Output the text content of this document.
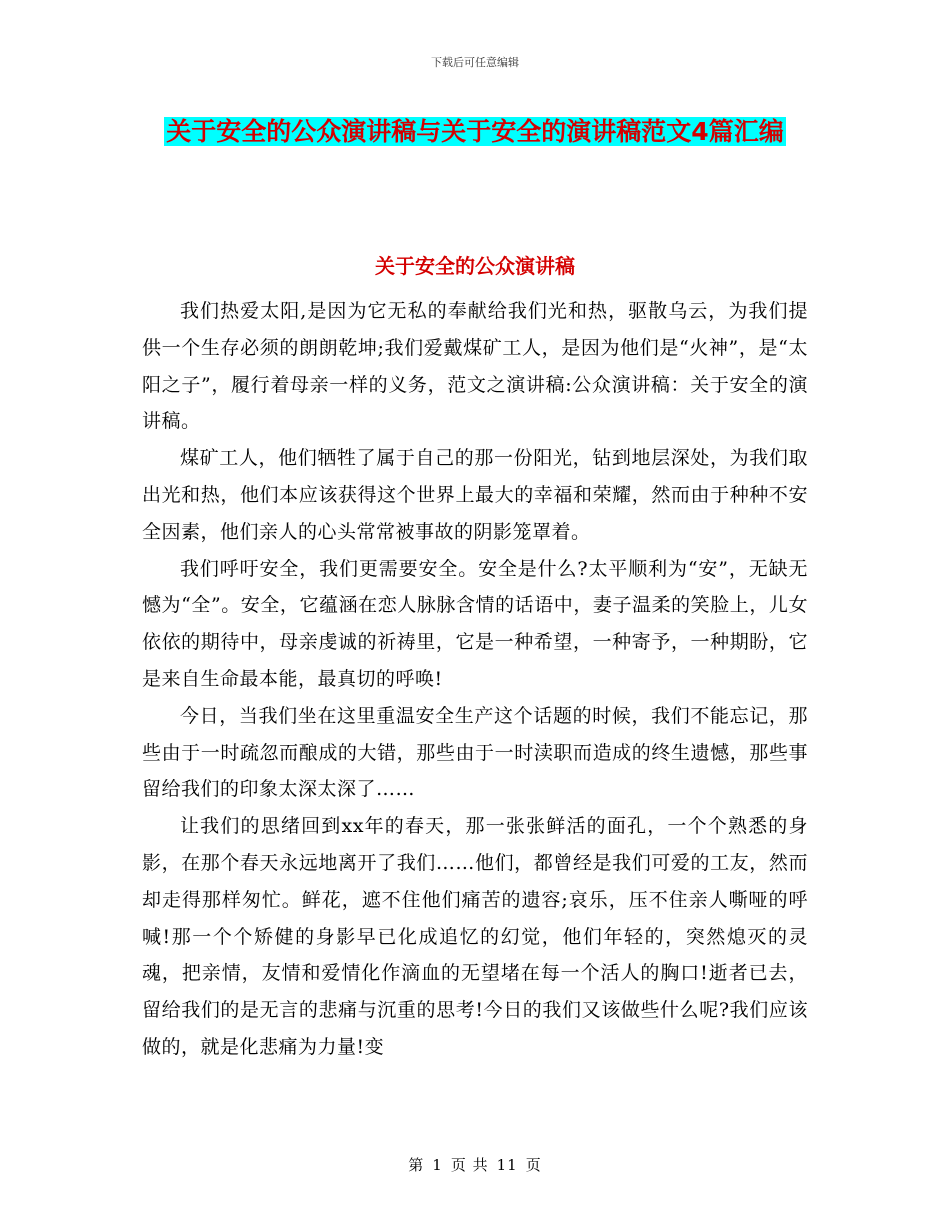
下载后可任意编辑
关于安全的公众演讲稿与关于安全的演讲稿范文4篇汇编
关于安全的公众演讲稿

我们热爱太阳,是因为它无私的奉献给我们光和热，驱散乌云，为我们提供一个生存必须的朗朗乾坤;我们爱戴煤矿工人，是因为他们是“火神”，是“太阳之子”，履行着母亲一样的义务，范文之演讲稿:公众演讲稿：关于安全的演讲稿。

煤矿工人，他们牺牲了属于自己的那一份阳光，钻到地层深处，为我们取出光和热，他们本应该获得这个世界上最大的幸福和荣耀，然而由于种种不安全因素，他们亲人的心头常常被事故的阴影笼罩着。

我们呼吁安全，我们更需要安全。安全是什么?太平顺利为“安”，无缺无憾为“全”。安全，它蕴涵在恋人脉脉含情的话语中，妻子温柔的笑脸上，儿女依依的期待中，母亲虔诚的祈祷里，它是一种希望，一种寄予，一种期盼，它是来自生命最本能，最真切的呼唤!

今日，当我们坐在这里重温安全生产这个话题的时候，我们不能忘记，那些由于一时疏忽而酿成的大错，那些由于一时渎职而造成的终生遗憾，那些事留给我们的印象太深太深了……

让我们的思绪回到xx年的春天，那一张张鲜活的面孔，一个个熟悉的身影，在那个春天永远地离开了我们……他们，都曾经是我们可爱的工友，然而却走得那样匆忙。鲜花，遮不住他们痛苦的遗容;哀乐，压不住亲人嘶哑的呼喊!那一个个矫健的身影早已化成追忆的幻觉，他们年轻的，突然熄灭的灵魂，把亲情，友情和爱情化作滴血的无望堵在每一个活人的胸口!逝者已去，留给我们的是无言的悲痛与沉重的思考!今日的我们又该做些什么呢?我们应该做的，就是化悲痛为力量!变

第 1 页 共 11 页
